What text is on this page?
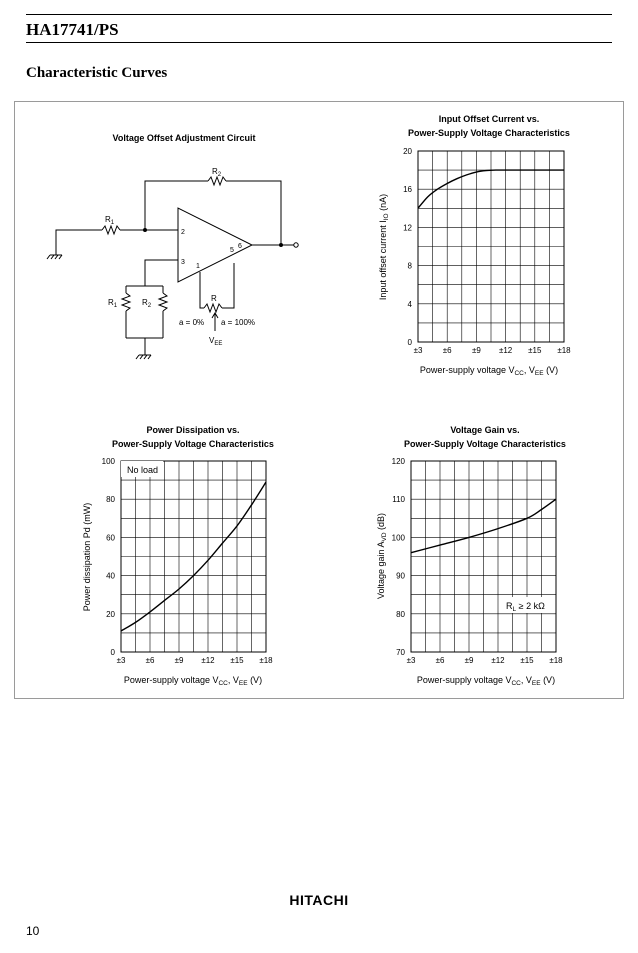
HA17741/PS
Characteristic Curves
$R_1$
$R_2$
$R_1$	$R_2$
R
a = 0% a = 100%
$V_{EE}$
2
3
1
5
6
Voltage Offset Adjustment Circuit
±3	±6	±9 ±12 ±15 ±18
70
80
90
100
110
120
±3	±6	±9 ±12 ±15 ±18
0
20
40
60
80
100
±3	±6	±9 ±12 ±15 ±18
0
4
8
12
16
20
Input Offset Current vs.
Power-Supply Voltage Characteristics
Power-supply voltage $V_{CC}$, $V_{EE}$ (V)
Input offset current $I_{IO}$ (nA)
Power Dissipation vs.
Power-Supply Voltage Characteristics
Power-supply voltage $V_{CC}$, $V_{EE}$ (V)
Power dissipation Pd (mW)
No load
Voltage Gain vs.
Power-Supply Voltage Characteristics
Power-supply voltage $V_{CC}$, $V_{EE}$ (V)
Voltage gain $A_{VD}$ (dB)
$R_L \ge 2$ kΩ
HITACHI
10
